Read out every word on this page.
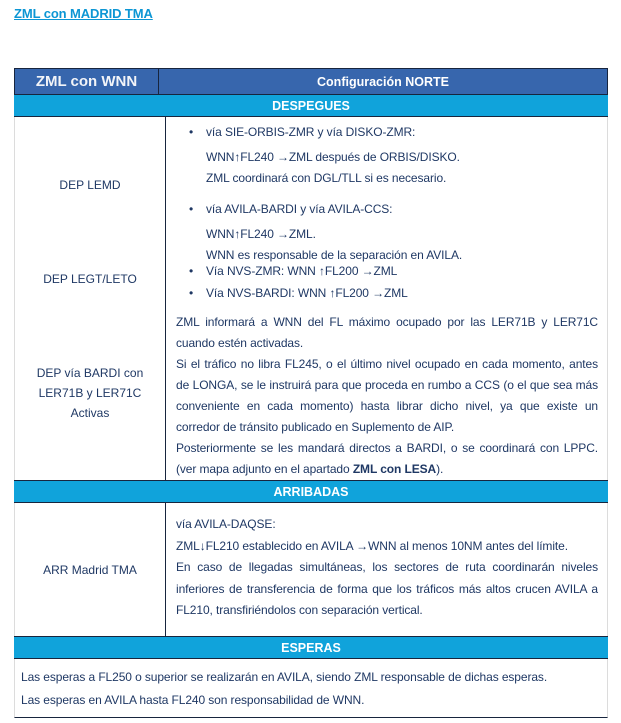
ZML con MADRID TMA
ZML con WNN	Configuración NORTE
DESPEGUES
DEP LEMD
• vía SIE-ORBIS-ZMR y vía DISKO-ZMR:
WNN↑FL240 →ZML después de ORBIS/DISKO.
ZML coordinará con DGL/TLL si es necesario.
• vía AVILA-BARDI y vía AVILA-CCS:
WNN↑FL240 →ZML.
WNN es responsable de la separación en AVILA.
DEP LEGT/LETO
• Vía NVS-ZMR: WNN ↑FL200 →ZML
• Vía NVS-BARDI: WNN ↑FL200 →ZML
DEP vía BARDI con LER71B y LER71C Activas

ZML informará a WNN del FL máximo ocupado por las LER71B y LER71C cuando estén activadas.

Si el tráfico no libra FL245, o el último nivel ocupado en cada momento, antes de LONGA, se le instruirá para que proceda en rumbo a CCS (o el que sea más conveniente en cada momento) hasta librar dicho nivel, ya que existe un corredor de tránsito publicado en Suplemento de AIP.

Posteriormente se les mandará directos a BARDI, o se coordinará con LPPC. (ver mapa adjunto en el apartado ZML con LESA).

ARRIBADAS
ARR Madrid TMA
vía AVILA-DAQSE:
ZML↓FL210 establecido en AVILA →WNN al menos 10NM antes del límite.

En caso de llegadas simultáneas, los sectores de ruta coordinarán niveles inferiores de transferencia de forma que los tráficos más altos crucen AVILA a FL210, transfiriéndolos con separación vertical.

ESPERAS
Las esperas a FL250 o superior se realizarán en AVILA, siendo ZML responsable de dichas esperas.
Las esperas en AVILA hasta FL240 son responsabilidad de WNN.
